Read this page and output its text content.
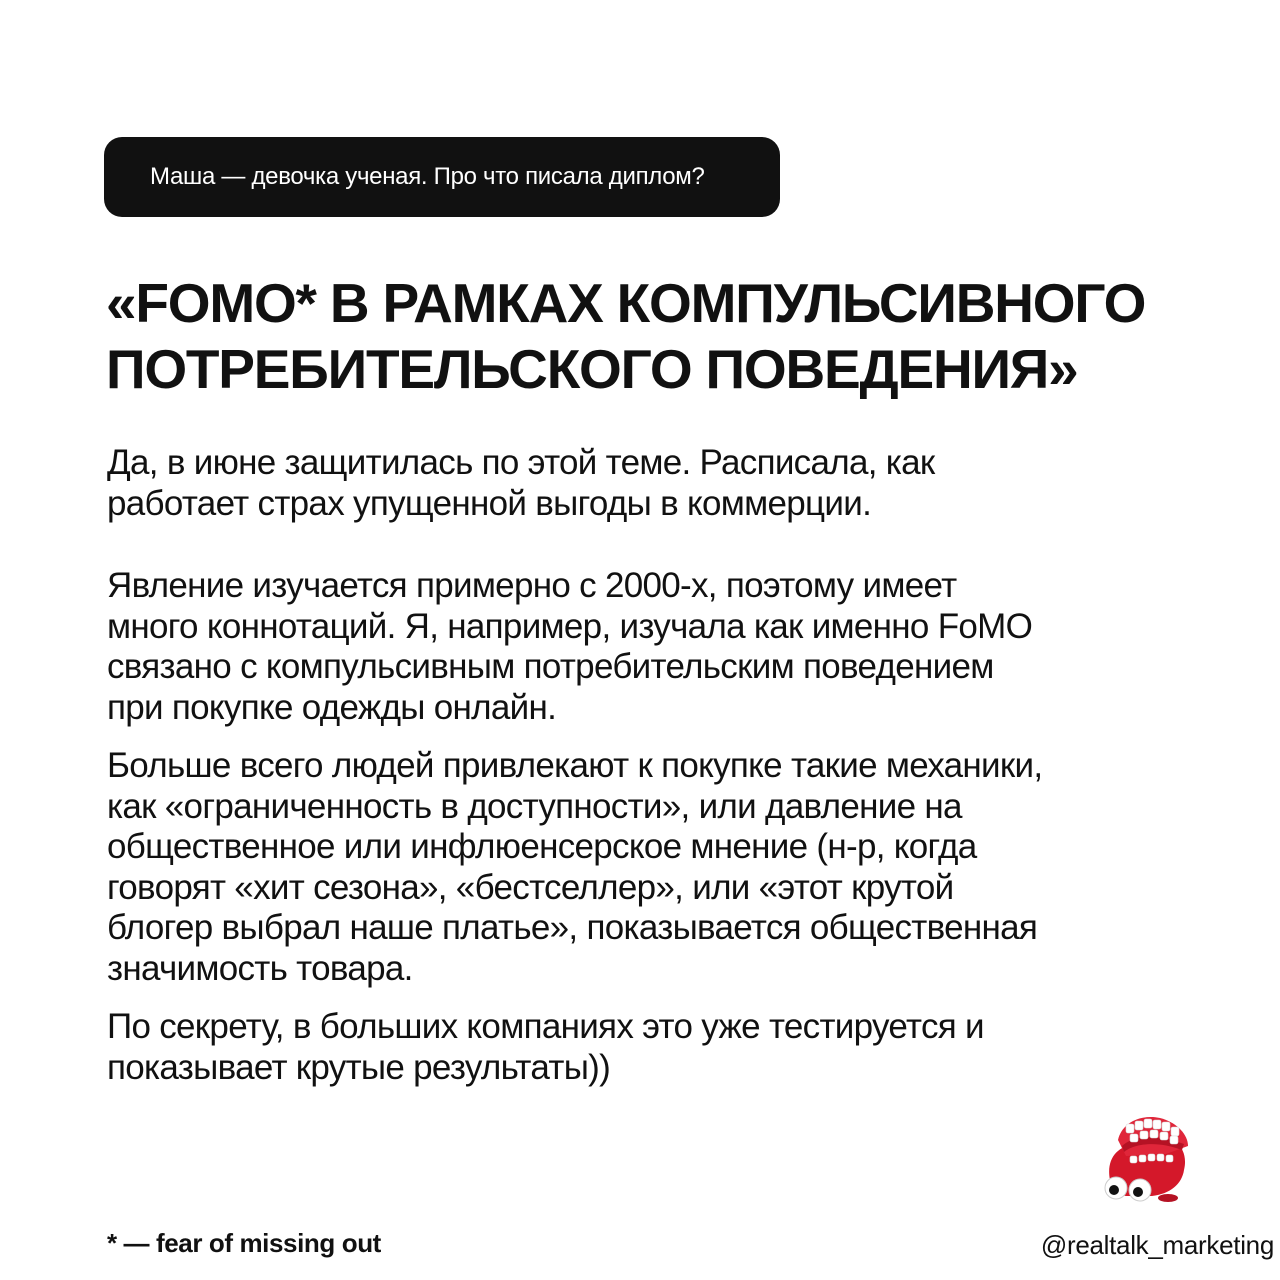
Маша — девочка ученая. Про что писала диплом?
«FOMO* В РАМКАХ КОМПУЛЬСИВНОГО
ПОТРЕБИТЕЛЬСКОГО ПОВЕДЕНИЯ»
Да, в июне защитилась по этой теме. Расписала, как
работает страх упущенной выгоды в коммерции.
Явление изучается примерно с 2000-х, поэтому имеет
много коннотаций. Я, например, изучала как именно FoMO
связано с компульсивным потребительским поведением
при покупке одежды онлайн.
Больше всего людей привлекают к покупке такие механики,
как «ограниченность в доступности», или давление на
общественное или инфлюенсерское мнение (н-р, когда
говорят «хит сезона», «бестселлер», или «этот крутой
блогер выбрал наше платье», показывается общественная
значимость товара.
По секрету, в больших компаниях это уже тестируется и
показывает крутые результаты))
* — fear of missing out	@realtalk_marketing
